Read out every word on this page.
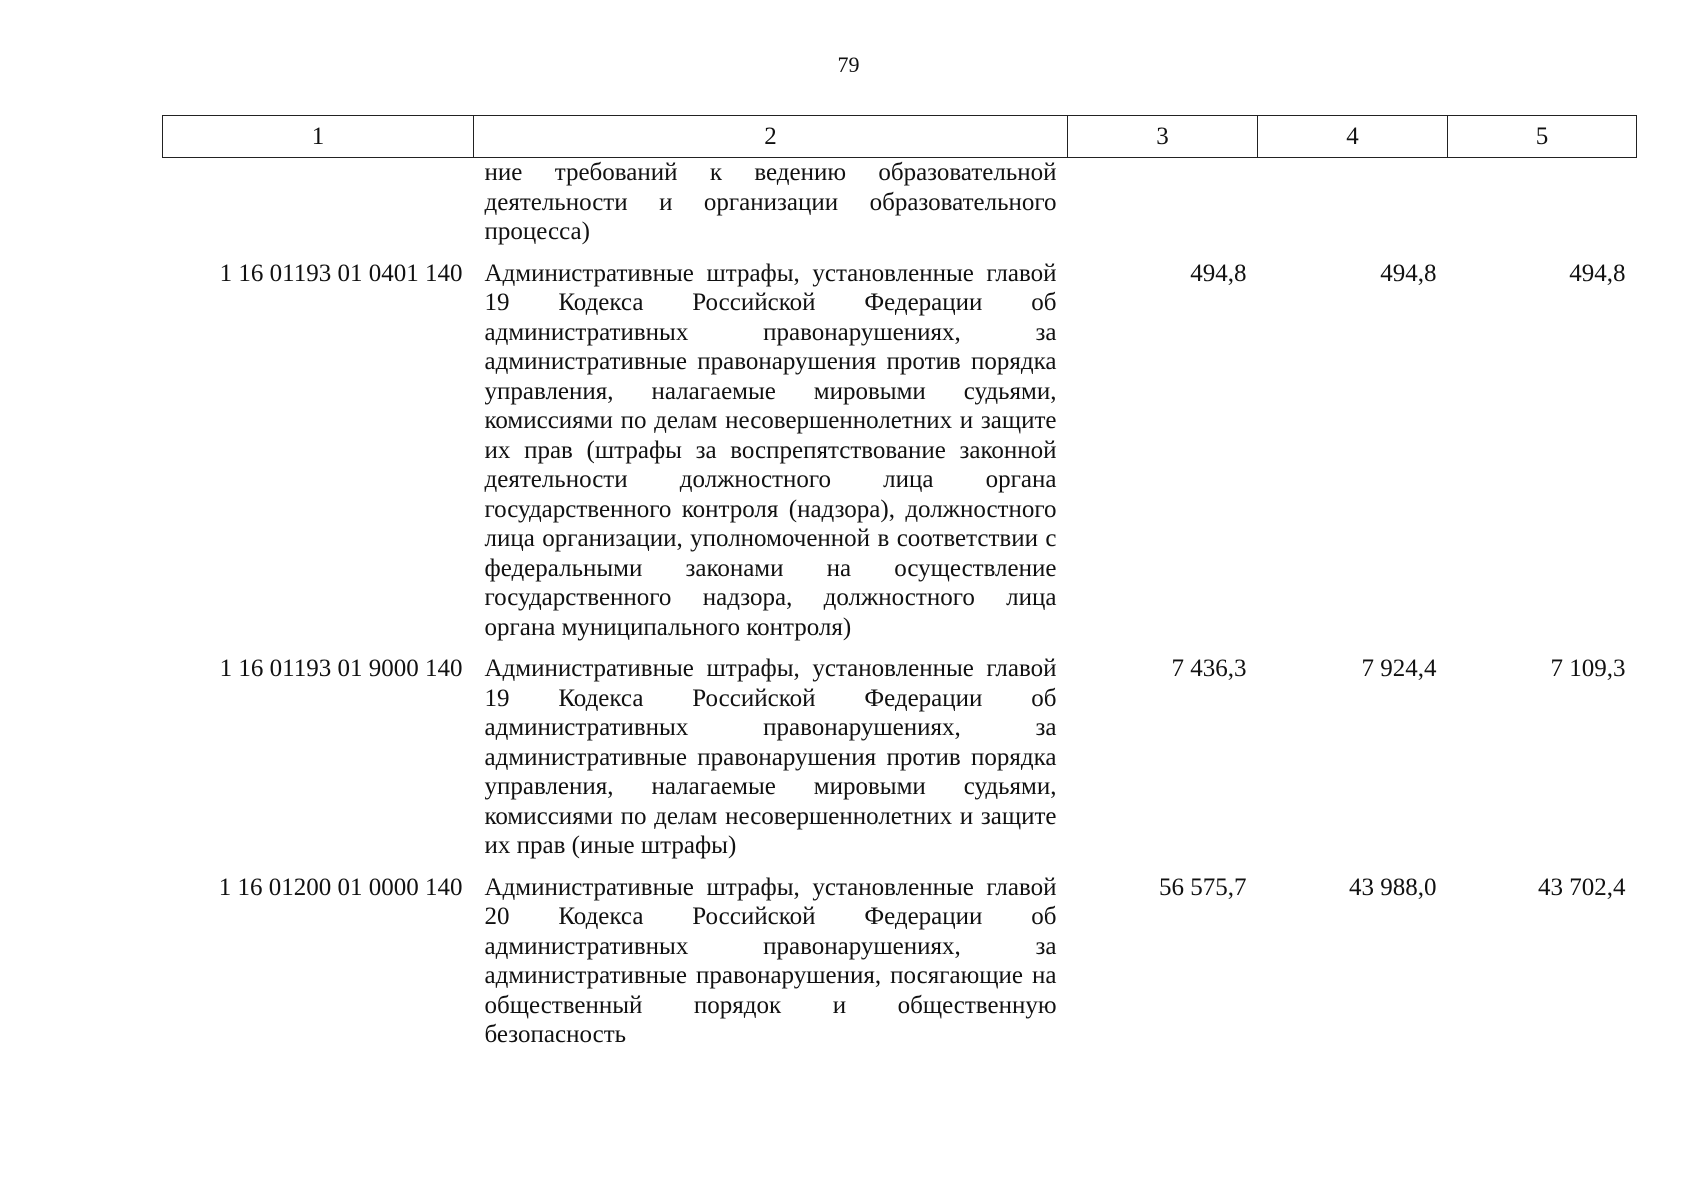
79
1	2	3	4	5
	ние требований к ведению образовательной деятельности и организации образовательного процесса)			
1 16 01193 01 0401 140	Административные штрафы, установленные главой 19 Кодекса Российской Федерации об административных правонарушениях, за административные правонарушения против порядка управления, налагаемые мировыми судьями, комиссиями по делам несовершеннолетних и защите их прав (штрафы за воспрепятствование законной деятельности должностного лица органа государственного контроля (надзора), должностного лица организации, уполномоченной в соответствии с федеральными законами на осуществление государственного надзора, должностного лица органа муниципального контроля)	494,8	494,8	494,8
1 16 01193 01 9000 140	Административные штрафы, установленные главой 19 Кодекса Российской Федерации об административных правонарушениях, за административные правонарушения против порядка управления, налагаемые мировыми судьями, комиссиями по делам несовершеннолетних и защите их прав (иные штрафы)	7 436,3	7 924,4	7 109,3
1 16 01200 01 0000 140	Административные штрафы, установленные главой 20 Кодекса Российской Федерации об административных правонарушениях, за административные правонарушения, посягающие на общественный порядок и общественную безопасность	56 575,7	43 988,0	43 702,4
